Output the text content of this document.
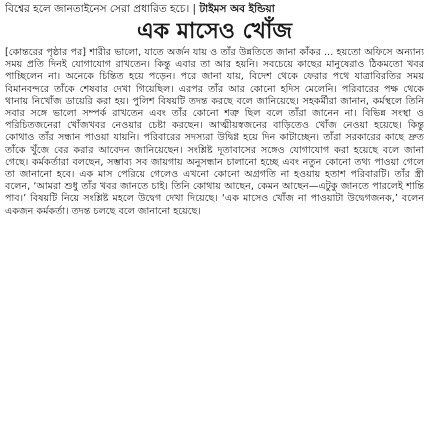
বিশ্বের হলে জানতাইনেস সেরা প্রধারিত হচে। | টাইমস অব ইন্ডিয়া
এক মাসেও খোঁজ

[কোন্তরের পৃষ্ঠার পর] শারীর ভালো, যাতে অর্জন যায় ও তাঁর উন্নতিতে জানা কাঁকর ... হয়তো অফিসে অন্যান্য সময় প্রতি দিনই যোগাযোগ রাখতেন। কিন্তু এবার তা আর হয়নি। সবচেয়ে কাছের মানুষেরাও ঠিকমতো খবর পাচ্ছিলেন না। অনেকে চিন্তিত হয়ে পড়েন। পরে জানা যায়, বিদেশ থেকে ফেরার পথে যাত্রাবিরতির সময় বিমানবন্দরে তাঁকে শেষবার দেখা গিয়েছিল। এরপর তাঁর আর কোনো হদিস মেলেনি। পরিবারের পক্ষ থেকে থানায় নিখোঁজ ডায়েরি করা হয়। পুলিশ বিষয়টি তদন্ত করছে বলে জানিয়েছে। সহকর্মীরা জানান, কর্মস্থলে তিনি সবার সঙ্গে ভালো সম্পর্ক রাখতেন এবং তাঁর কোনো শত্রু ছিল বলে তাঁরা জানেন না। বিভিন্ন সংস্থা ও পরিচিতজনেরা খোঁজখবর নেওয়ার চেষ্টা করছেন। আত্মীয়স্বজনের বাড়িতেও খোঁজ নেওয়া হয়েছে। কিন্তু কোথাও তাঁর সন্ধান পাওয়া যায়নি। পরিবারের সদস্যরা উদ্বিগ্ন হয়ে দিন কাটাচ্ছেন। তাঁরা সরকারের কাছে দ্রুত তাঁকে খুঁজে বের করার আবেদন জানিয়েছেন। সংশ্লিষ্ট দূতাবাসের সঙ্গেও যোগাযোগ করা হয়েছে বলে জানা গেছে। কর্মকর্তারা বলছেন, সম্ভাব্য সব জায়গায় অনুসন্ধান চালানো হচ্ছে এবং নতুন কোনো তথ্য পাওয়া গেলে তা জানানো হবে। এক মাস পেরিয়ে গেলেও এখনো কোনো অগ্রগতি না হওয়ায় হতাশ পরিবারটি। তাঁর স্ত্রী বলেন, ‘আমরা শুধু তাঁর খবর জানতে চাই। তিনি কোথায় আছেন, কেমন আছেন—এটুকু জানতে পারলেই শান্তি পাব।’ বিষয়টি নিয়ে সংশ্লিষ্ট মহলে উদ্বেগ দেখা দিয়েছে। ‘এক মাসেও খোঁজ না পাওয়াটা উদ্বেগজনক,’ বলেন একজন কর্মকর্তা। তদন্ত চলছে বলে জানানো হয়েছে।
